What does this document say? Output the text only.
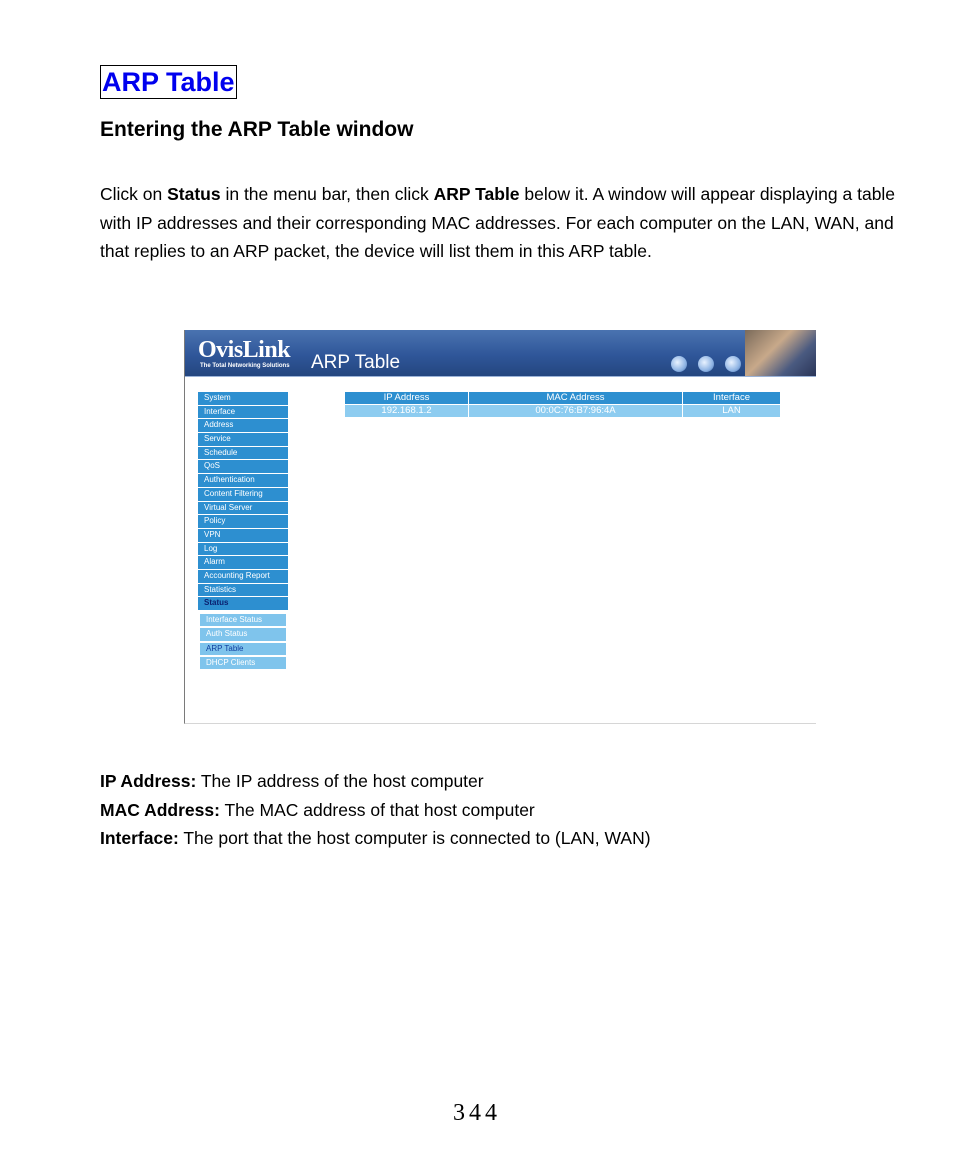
ARP Table
Entering the ARP Table window
Click on Status in the menu bar, then click ARP Table below it. A window will appear displaying a table with IP addresses and their corresponding MAC addresses. For each computer on the LAN, WAN, and that replies to an ARP packet, the device will list them in this ARP table.
OvisLink
The Total Networking Solutions ARP Table
System
Interface
Address
Service
Schedule
QoS
Authentication
Content Filtering
Virtual Server
Policy
VPN
Log
Alarm
Accounting Report
Statistics
Status
Interface Status
Auth Status
ARP Table
DHCP Clients
IP Address	MAC Address	Interface
192.168.1.2	00:0C:76:B7:96:4A	LAN
IP Address: The IP address of the host computer
MAC Address: The MAC address of that host computer
Interface: The port that the host computer is connected to (LAN, WAN)
344
